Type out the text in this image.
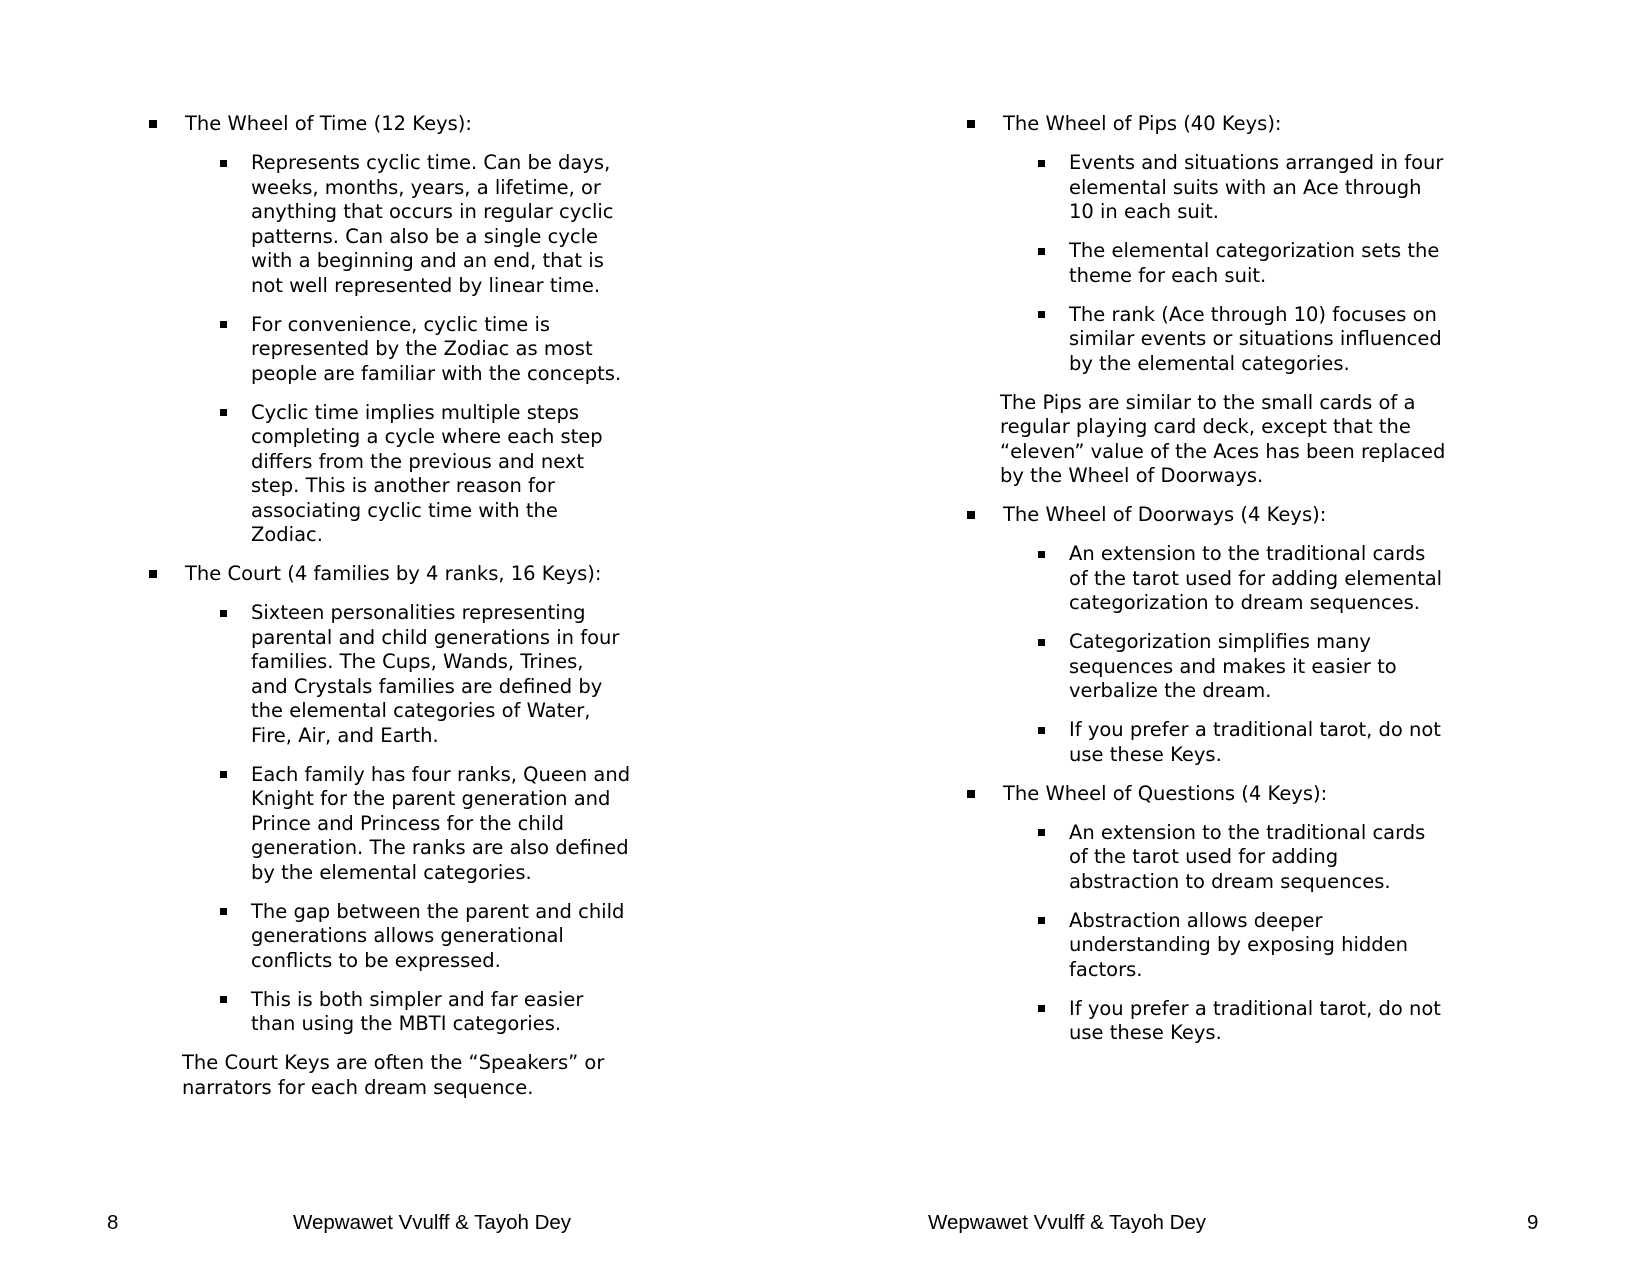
The Wheel of Time (12 Keys):
Represents cyclic time. Can be days,
weeks, months, years, a lifetime, or
anything that occurs in regular cyclic
patterns. Can also be a single cycle
with a beginning and an end, that is
not well represented by linear time.
For convenience, cyclic time is
represented by the Zodiac as most
people are familiar with the concepts.
Cyclic time implies multiple steps
completing a cycle where each step
differs from the previous and next
step. This is another reason for
associating cyclic time with the
Zodiac.
The Court (4 families by 4 ranks, 16 Keys):
Sixteen personalities representing
parental and child generations in four
families. The Cups, Wands, Trines,
and Crystals families are defined by
the elemental categories of Water,
Fire, Air, and Earth.
Each family has four ranks, Queen and
Knight for the parent generation and
Prince and Princess for the child
generation. The ranks are also defined
by the elemental categories.
The gap between the parent and child
generations allows generational
conflicts to be expressed.
This is both simpler and far easier
than using the MBTI categories.
The Court Keys are often the “Speakers” or
narrators for each dream sequence.
The Wheel of Pips (40 Keys):
Events and situations arranged in four
elemental suits with an Ace through
10 in each suit.
The elemental categorization sets the
theme for each suit.
The rank (Ace through 10) focuses on
similar events or situations influenced
by the elemental categories.
The Pips are similar to the small cards of a
regular playing card deck, except that the
“eleven” value of the Aces has been replaced
by the Wheel of Doorways.
The Wheel of Doorways (4 Keys):
An extension to the traditional cards
of the tarot used for adding elemental
categorization to dream sequences.
Categorization simplifies many
sequences and makes it easier to
verbalize the dream.
If you prefer a traditional tarot, do not
use these Keys.
The Wheel of Questions (4 Keys):
An extension to the traditional cards
of the tarot used for adding
abstraction to dream sequences.
Abstraction allows deeper
understanding by exposing hidden
factors.
If you prefer a traditional tarot, do not
use these Keys.
8	Wepwawet Vvulff & Tayoh Dey	Wepwawet Vvulff & Tayoh Dey	9
